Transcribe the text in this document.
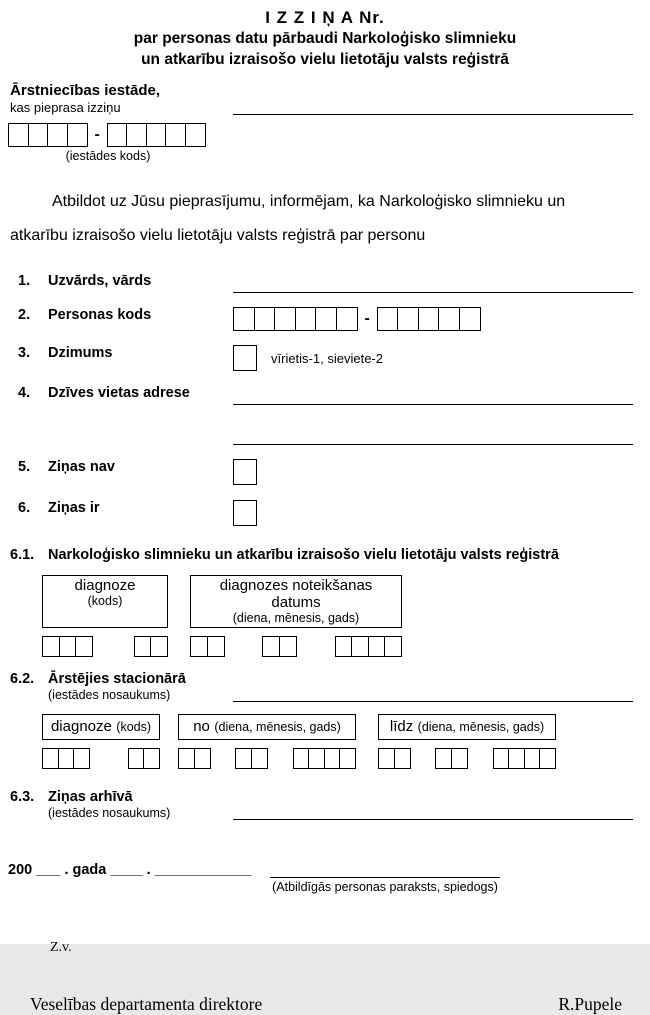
I Z Z I Ņ A Nr.
par personas datu pārbaudi Narkoloģisko slimnieku
un atkarību izraisošo vielu lietotāju valsts reģistrā
Ārstniecības iestāde,
kas pieprasa izziņu
-
(iestādes kods)

Atbildot uz Jūsu pieprasījumu, informējam, ka Narkoloģisko slimnieku un atkarību izraisošo vielu lietotāju valsts reģistrā par personu

1.	Uzvārds, vārds
2.	Personas kods	-
3.	Dzimums	vīrietis-1, sieviete-2
4.	Dzīves vietas adrese
5.	Ziņas nav
6.	Ziņas ir
6.1. Narkoloģisko slimnieku un atkarību izraisošo vielu lietotāju valsts reģistrā
diagnoze
(kods)
diagnozes noteikšanas datums
(diena, mēnesis, gads)
6.2. Ārstējies stacionārā
(iestādes nosaukums)
diagnoze (kods)	no (diena, mēnesis, gads)	līdz (diena, mēnesis, gads)
6.3. Ziņas arhīvā
(iestādes nosaukums)
200 ___ . gada ____ . ____________
(Atbildīgās personas paraksts, spiedogs)
Z.v.
Veselības departamenta direktore	R.Pupele
